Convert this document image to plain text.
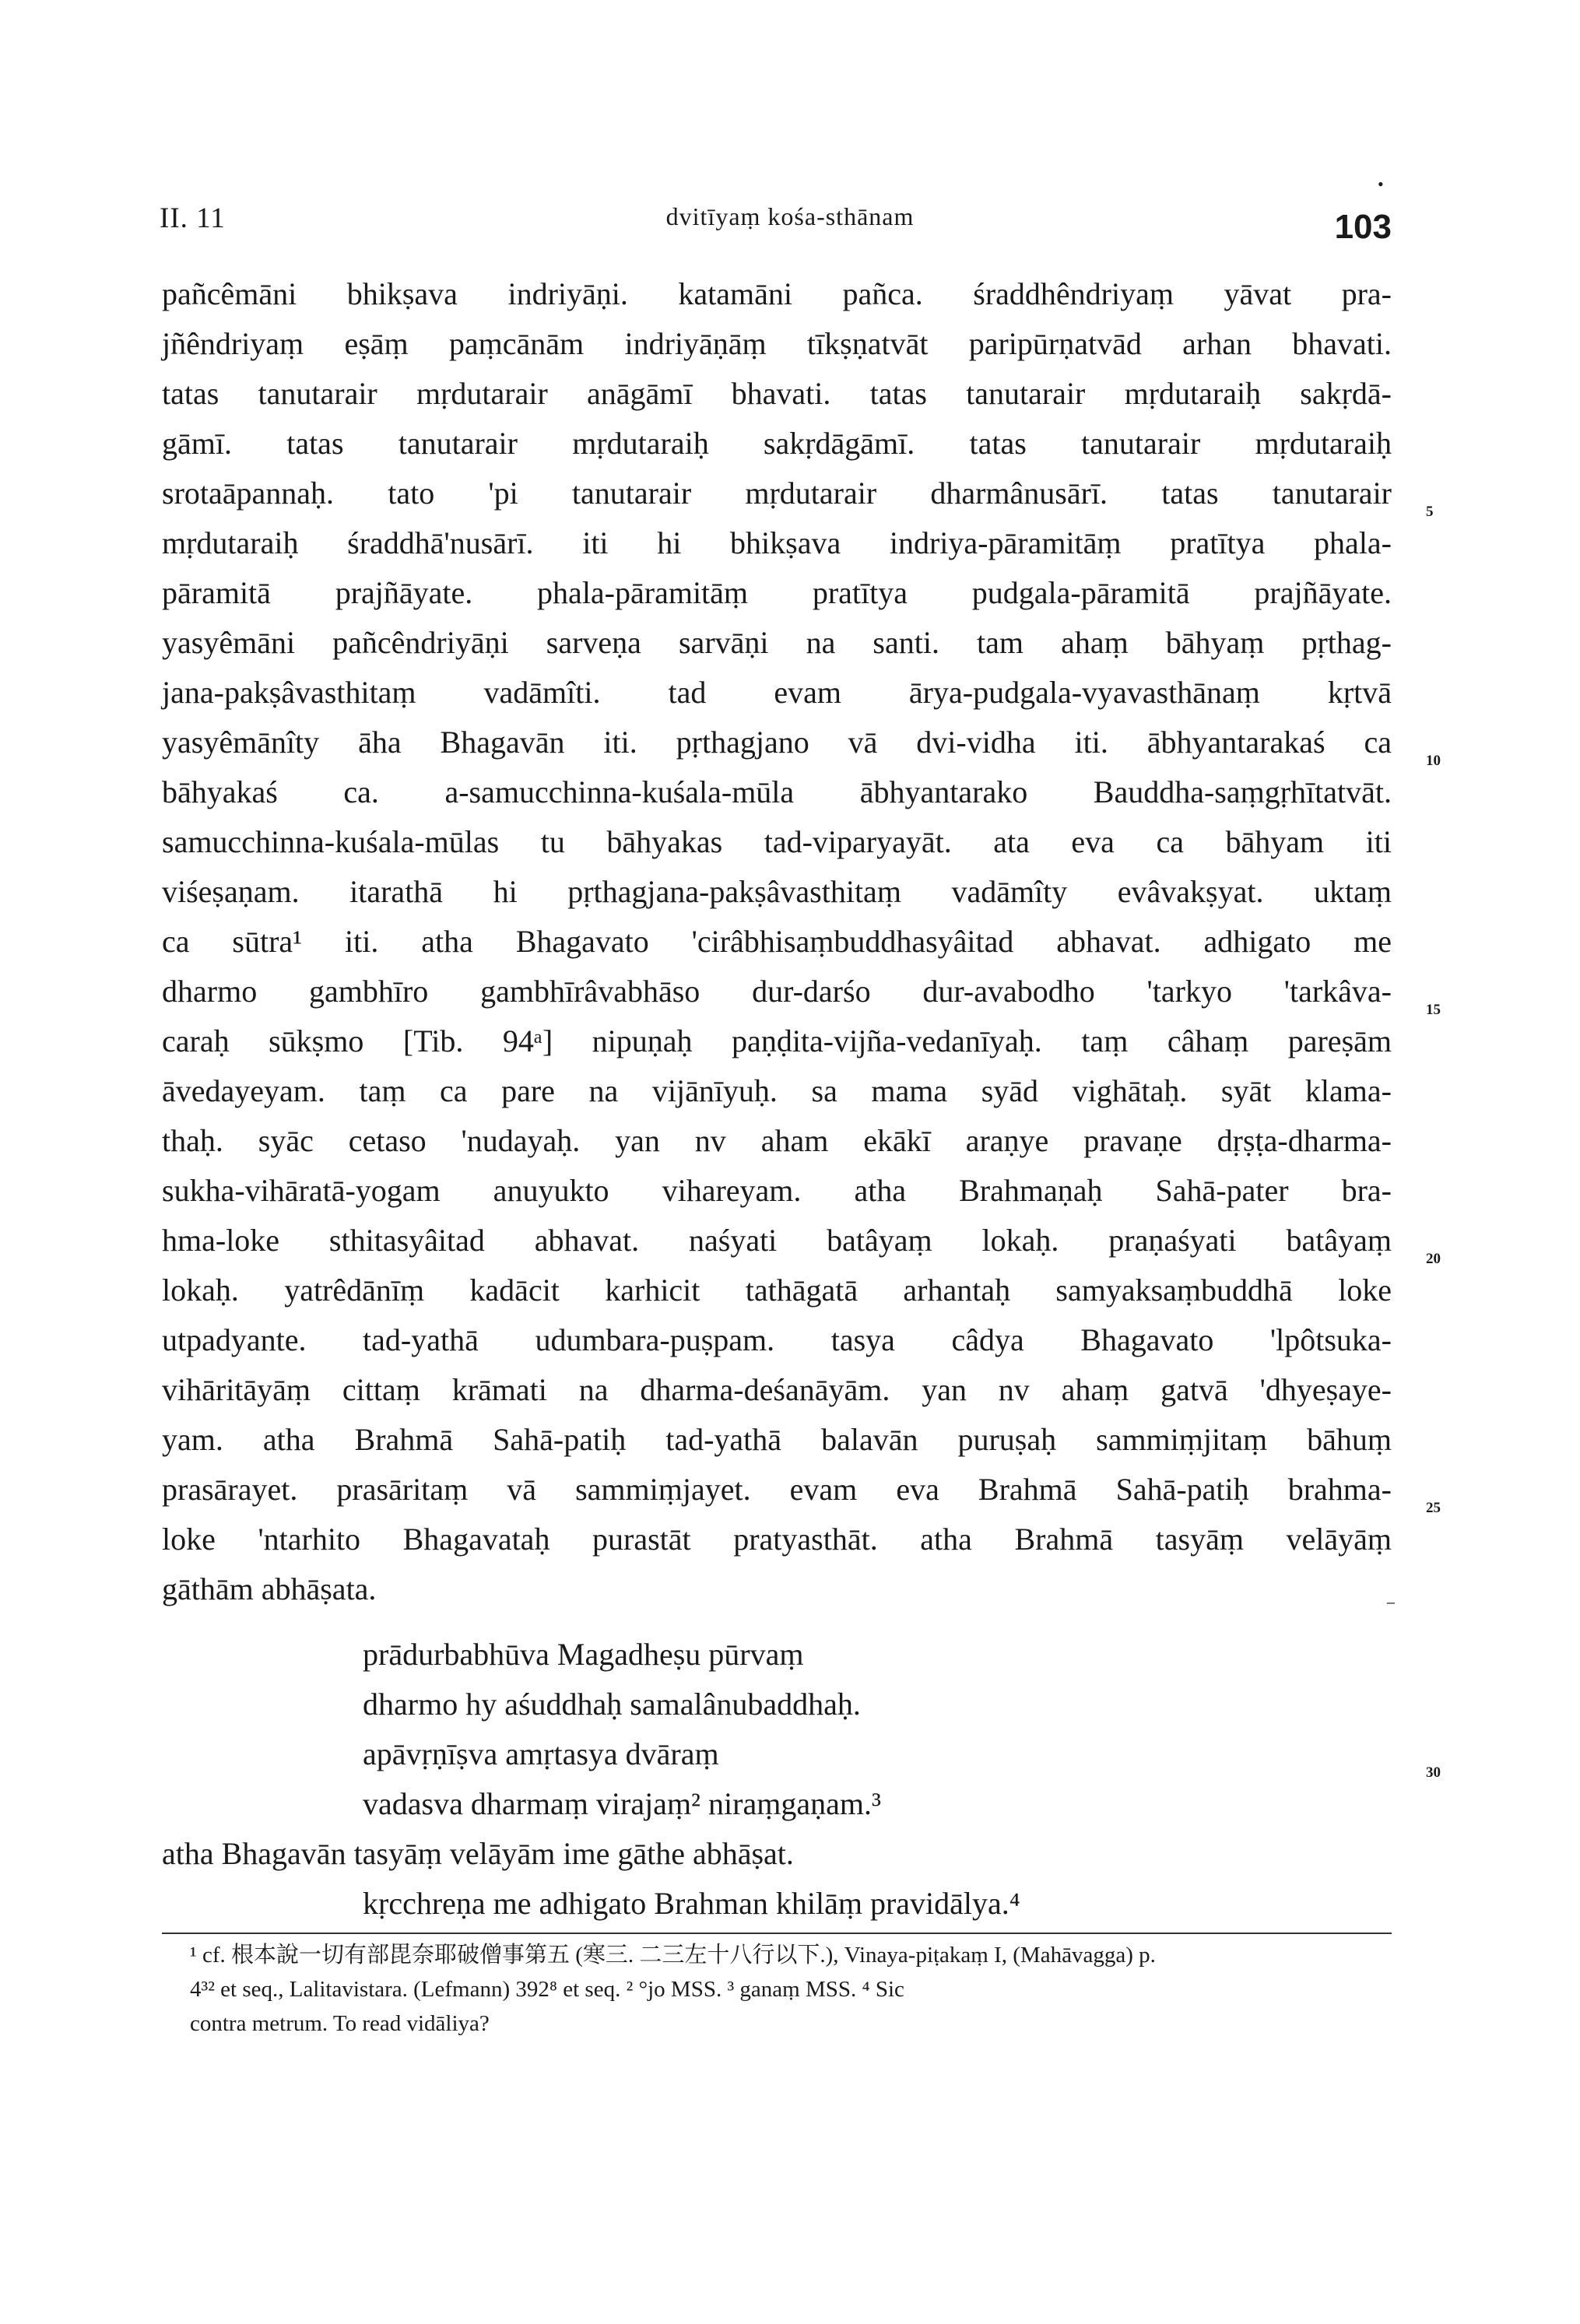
•
II. 11	dvitīyaṃ kośa-sthānam	103
pañcêmāni bhikṣava indriyāṇi. katamāni pañca. śraddhêndriyaṃ yāvat pra-
jñêndriyaṃ eṣāṃ paṃcānām indriyāṇāṃ tīkṣṇatvāt paripūrṇatvād arhan bhavati.
tatas tanutarair mṛdutarair anāgāmī bhavati. tatas tanutarair mṛdutaraiḥ sakṛdā-
gāmī. tatas tanutarair mṛdutaraiḥ sakṛdāgāmī. tatas tanutarair mṛdutaraiḥ
srotaāpannaḥ. tato 'pi tanutarair mṛdutarair dharmânusārī. tatas tanutarair
mṛdutaraiḥ śraddhā'nusārī. iti hi bhikṣava indriya-pāramitāṃ pratītya phala-
pāramitā prajñāyate. phala-pāramitāṃ pratītya pudgala-pāramitā prajñāyate.
yasyêmāni pañcêndriyāṇi sarveṇa sarvāṇi na santi. tam ahaṃ bāhyaṃ pṛthag-
jana-pakṣâvasthitaṃ vadāmîti. tad evam ārya-pudgala-vyavasthānaṃ kṛtvā
yasyêmānîty āha Bhagavān iti. pṛthagjano vā dvi-vidha iti. ābhyantarakaś ca
bāhyakaś ca. a-samucchinna-kuśala-mūla ābhyantarako Bauddha-saṃgṛhītatvāt.
samucchinna-kuśala-mūlas tu bāhyakas tad-viparyayāt. ata eva ca bāhyam iti
viśeṣaṇam. itarathā hi pṛthagjana-pakṣâvasthitaṃ vadāmîty evâvakṣyat. uktaṃ
ca sūtra¹ iti. atha Bhagavato 'cirâbhisaṃbuddhasyâitad abhavat. adhigato me
dharmo gambhīro gambhīrâvabhāso dur-darśo dur-avabodho 'tarkyo 'tarkâva-
caraḥ sūkṣmo [Tib. 94ᵃ] nipuṇaḥ paṇḍita-vijña-vedanīyaḥ. taṃ câhaṃ pareṣām
āvedayeyam. taṃ ca pare na vijānīyuḥ. sa mama syād vighātaḥ. syāt klama-
thaḥ. syāc cetaso 'nudayaḥ. yan nv aham ekākī araṇye pravaṇe dṛṣṭa-dharma-
sukha-vihāratā-yogam anuyukto vihareyam. atha Brahmaṇaḥ Sahā-pater bra-
hma-loke sthitasyâitad abhavat. naśyati batâyaṃ lokaḥ. praṇaśyati batâyaṃ
lokaḥ. yatrêdānīṃ kadācit karhicit tathāgatā arhantaḥ samyaksaṃbuddhā loke
utpadyante. tad-yathā udumbara-puṣpam. tasya câdya Bhagavato 'lpôtsuka-
vihāritāyāṃ cittaṃ krāmati na dharma-deśanāyām. yan nv ahaṃ gatvā 'dhyeṣaye-
yam. atha Brahmā Sahā-patiḥ tad-yathā balavān puruṣaḥ sammiṃjitaṃ bāhuṃ
prasārayet. prasāritaṃ vā sammiṃjayet. evam eva Brahmā Sahā-patiḥ brahma-
loke 'ntarhito Bhagavataḥ purastāt pratyasthāt. atha Brahmā tasyāṃ velāyāṃ
gāthām abhāṣata.
⁻
prādurbabhūva Magadheṣu pūrvaṃ
dharmo hy aśuddhaḥ samalânubaddhaḥ.
apāvṛṇīṣva amṛtasya dvāraṃ
vadasva dharmaṃ virajaṃ² niraṃgaṇam.³
atha Bhagavān tasyāṃ velāyām ime gāthe abhāṣat.
kṛcchreṇa me adhigato Brahman khilāṃ pravidālya.⁴
5
10
15
20
25
30
¹ cf. 根本說一切有部毘奈耶破僧事第五 (寒三. 二三左十八行以下.), Vinaya-piṭakaṃ I, (Mahāvagga) p.
4³² et seq., Lalitavistara. (Lefmann) 392⁸ et seq. ² °jo MSS. ³ ganaṃ MSS. ⁴ Sic
contra metrum. To read vidāliya?
